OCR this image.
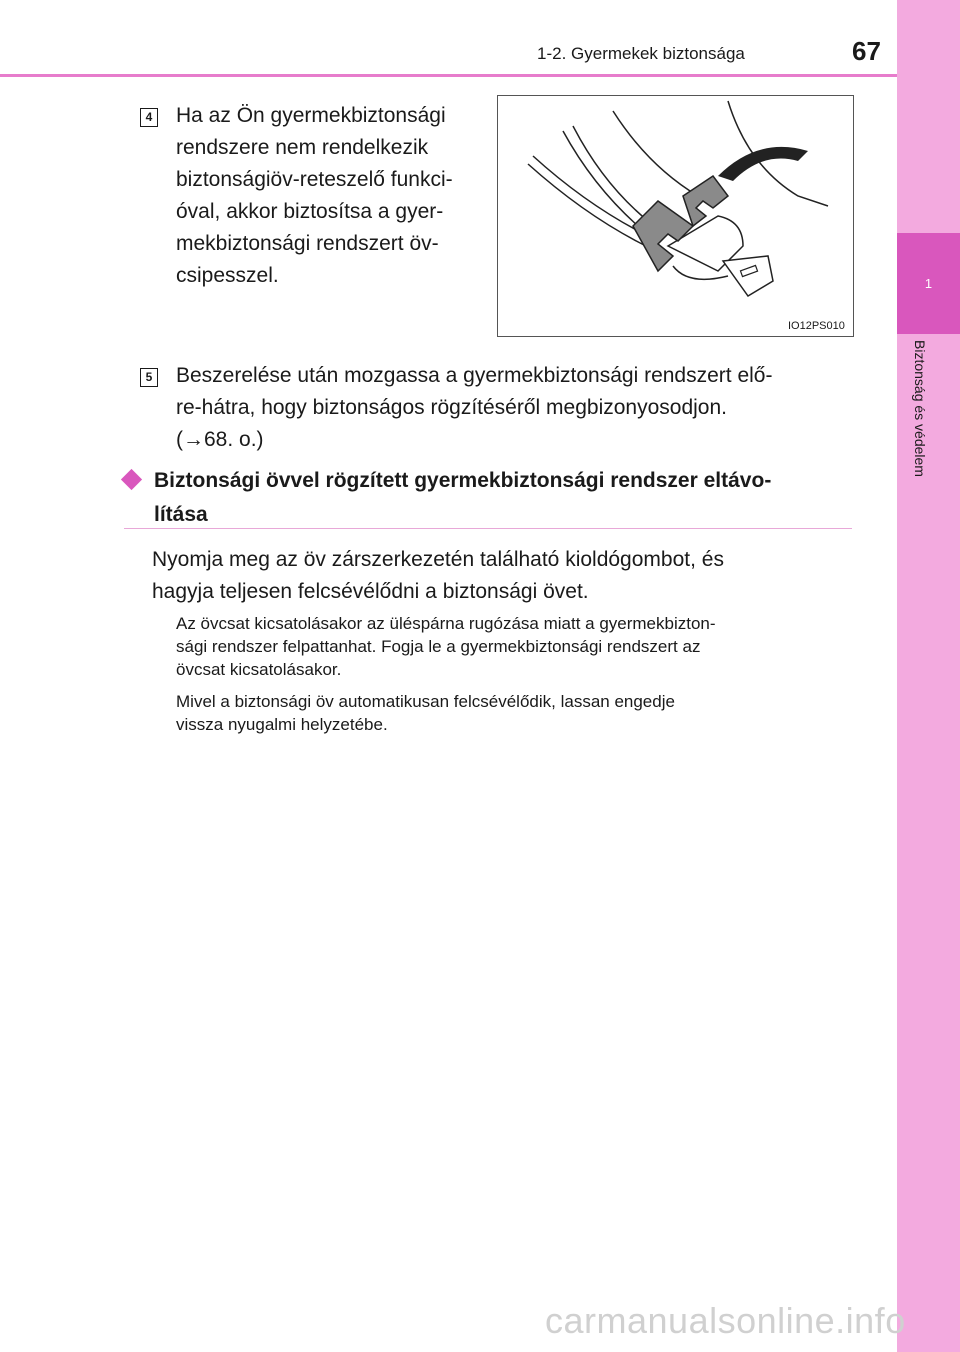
1
Biztonság és védelem
1-2. Gyermekek biztonsága	67
4 Ha az Ön gyermekbiztonsági
rendszere nem rendelkezik
biztonságiöv-reteszelő funkci-
óval, akkor biztosítsa a gyer-
mekbiztonsági rendszert öv-
csipesszel.
IO12PS010
5 Beszerelése után mozgassa a gyermekbiztonsági rendszert elő-
re-hátra, hogy biztonságos rögzítéséről megbizonyosodjon.
(→68. o.)
Biztonsági övvel rögzített gyermekbiztonsági rendszer eltávo-
lítása
Nyomja meg az öv zárszerkezetén található kioldógombot, és
hagyja teljesen felcsévélődni a biztonsági övet.
Az övcsat kicsatolásakor az üléspárna rugózása miatt a gyermekbizton-
sági rendszer felpattanhat. Fogja le a gyermekbiztonsági rendszert az
övcsat kicsatolásakor.
Mivel a biztonsági öv automatikusan felcsévélődik, lassan engedje
vissza nyugalmi helyzetébe.
carmanualsonline.info
